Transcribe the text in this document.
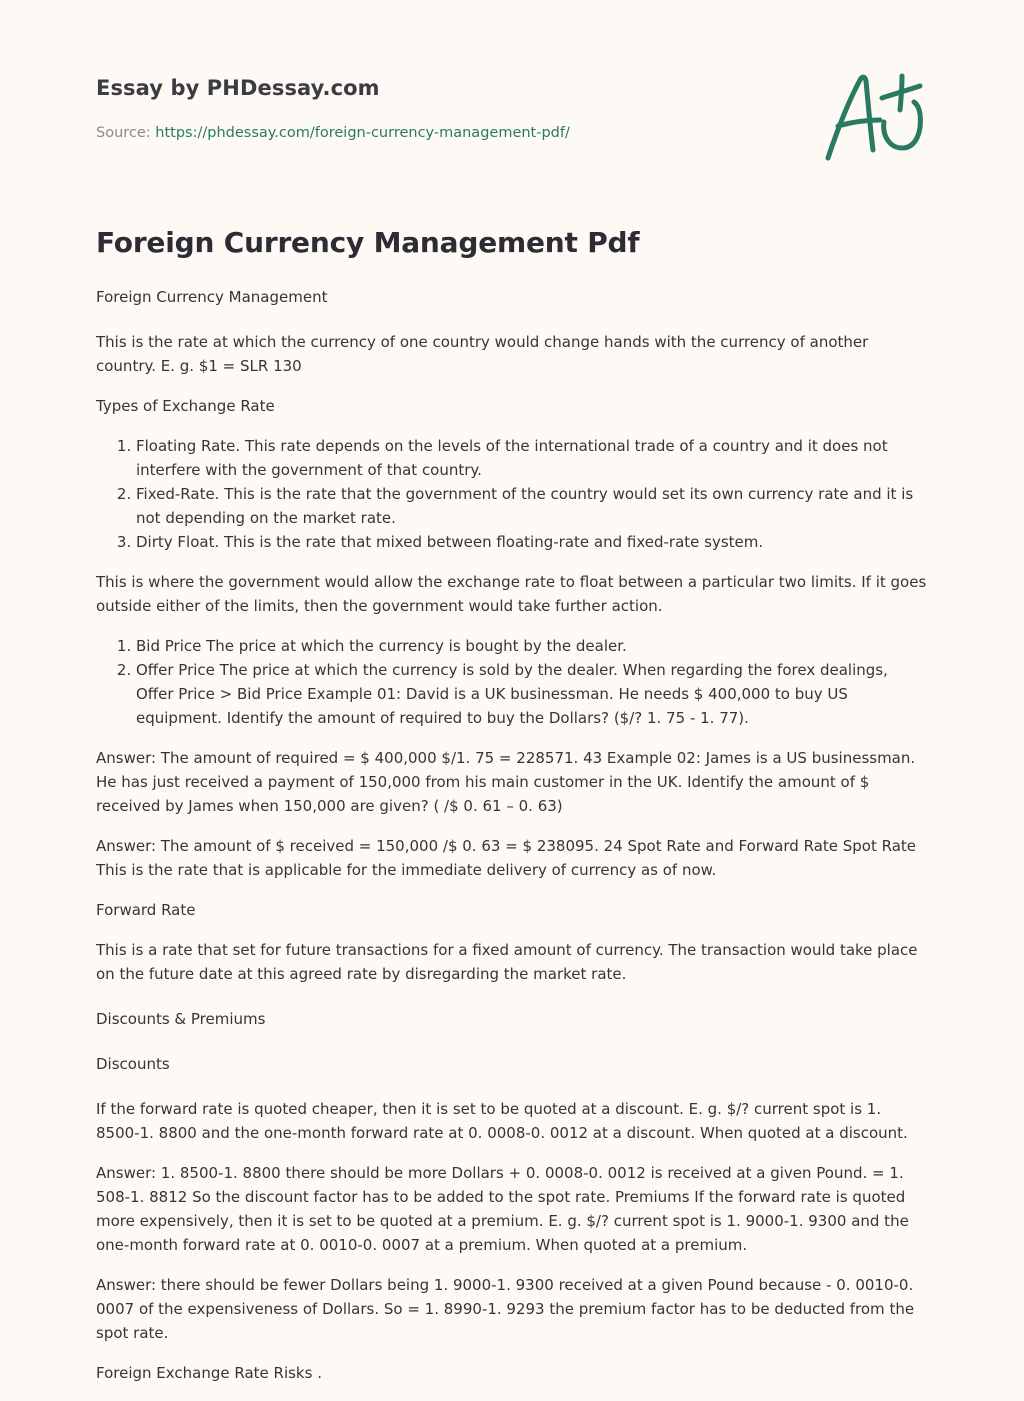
Essay by PHDessay.com
Source: https://phdessay.com/foreign-currency-management-pdf/
Foreign Currency Management Pdf

Foreign Currency Management

This is the rate at which the currency of one country would change hands with the currency of another country. E. g. $1 = SLR 130

Types of Exchange Rate

1. Floating Rate. This rate depends on the levels of the international trade of a country and it does not interfere with the government of that country.
2. Fixed-Rate. This is the rate that the government of the country would set its own currency rate and it is not depending on the market rate.
3. Dirty Float. This is the rate that mixed between floating-rate and fixed-rate system.

This is where the government would allow the exchange rate to float between a particular two limits. If it goes outside either of the limits, then the government would take further action.

1. Bid Price The price at which the currency is bought by the dealer.
2. Offer Price The price at which the currency is sold by the dealer. When regarding the forex dealings, Offer Price > Bid Price Example 01: David is a UK businessman. He needs $ 400,000 to buy US equipment. Identify the amount of required to buy the Dollars? ($/? 1. 75 - 1. 77).

Answer: The amount of required = $ 400,000 $/1. 75 = 228571. 43 Example 02: James is a US businessman. He has just received a payment of 150,000 from his main customer in the UK. Identify the amount of $ received by James when 150,000 are given? ( /$ 0. 61 – 0. 63)

Answer: The amount of $ received = 150,000 /$ 0. 63 = $ 238095. 24 Spot Rate and Forward Rate Spot Rate This is the rate that is applicable for the immediate delivery of currency as of now.

Forward Rate

This is a rate that set for future transactions for a fixed amount of currency. The transaction would take place on the future date at this agreed rate by disregarding the market rate.

Discounts & Premiums

Discounts

If the forward rate is quoted cheaper, then it is set to be quoted at a discount. E. g. $/? current spot is 1. 8500-1. 8800 and the one-month forward rate at 0. 0008-0. 0012 at a discount. When quoted at a discount.

Answer: 1. 8500-1. 8800 there should be more Dollars + 0. 0008-0. 0012 is received at a given Pound. = 1. 508-1. 8812 So the discount factor has to be added to the spot rate. Premiums If the forward rate is quoted more expensively, then it is set to be quoted at a premium. E. g. $/? current spot is 1. 9000-1. 9300 and the one-month forward rate at 0. 0010-0. 0007 at a premium. When quoted at a premium.

Answer: there should be fewer Dollars being 1. 9000-1. 9300 received at a given Pound because - 0. 0010-0. 0007 of the expensiveness of Dollars. So = 1. 8990-1. 9293 the premium factor has to be deducted from the spot rate.

Foreign Exchange Rate Risks .
